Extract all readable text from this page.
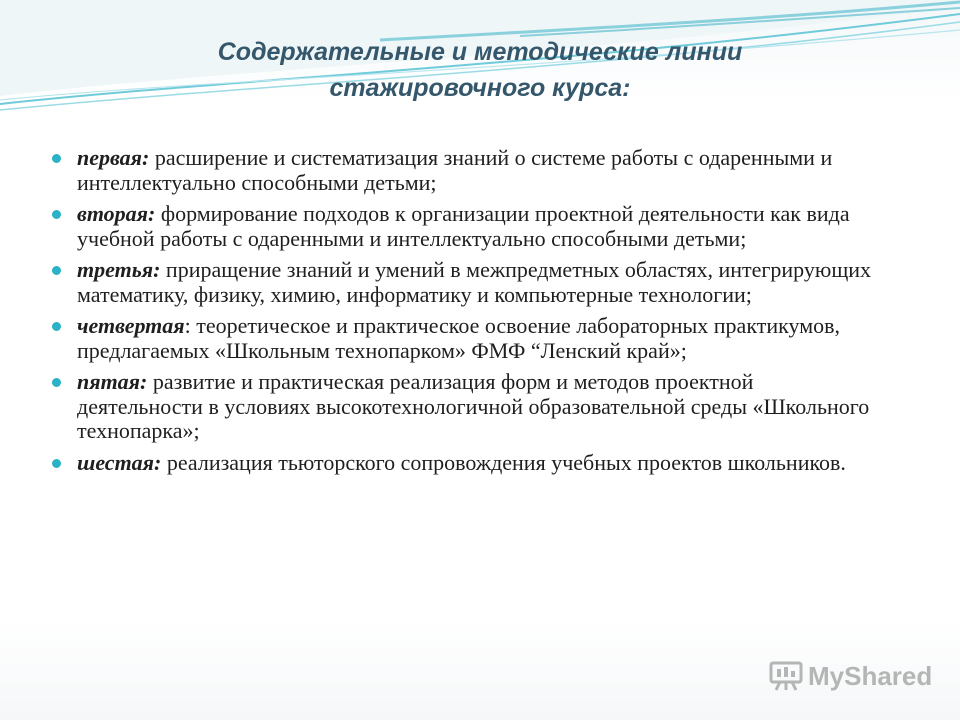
Содержательные и методические линии
стажировочного курса:
первая: расширение и систематизация знаний о системе работы с одаренными и интеллектуально способными детьми;
вторая: формирование подходов к организации проектной деятельности как вида учебной работы с одаренными и интеллектуально способными детьми;
третья: приращение знаний и умений в межпредметных областях, интегрирующих математику, физику, химию, информатику и компьютерные технологии;
четвертая: теоретическое и практическое освоение лабораторных практикумов, предлагаемых «Школьным технопарком» ФМФ “Ленский край»;
пятая: развитие и практическая реализация форм и методов проектной деятельности в условиях высокотехнологичной образовательной среды «Школьного технопарка»;
шестая: реализация тьюторского сопровождения учебных проектов школьников.
MyShared
